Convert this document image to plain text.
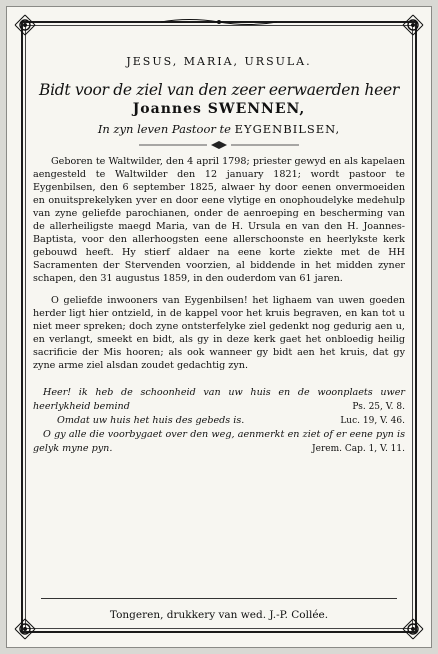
JESUS, MARIA, URSULA.
Bidt voor de ziel van den zeer eerwaerden heer
Joannes SWENNEN,
In zyn leven Pastoor te EYGENBILSEN,

Geboren te Waltwilder, den 4 april 1798; priester gewyd en als kapelaen aengesteld te Waltwilder den 12 january 1821; wordt pastoor te Eygenbilsen, den 6 september 1825, alwaer hy door eenen onvermoeiden en onuitsprekelyken yver en door eene vlytige en onophoudelyke medehulp van zyne geliefde parochianen, onder de aenroeping en bescherming van de allerheiligste maegd Maria, van de H. Ursula en van den H. Joannes-Baptista, voor den allerhoogsten eene allerschoonste en heerlykste kerk gebouwd heeft. Hy stierf aldaer na eene korte ziekte met de HH Sacramenten der Stervenden voorzien, al biddende in het midden zyner schapen, den 31 augustus 1859, in den ouderdom van 61 jaren.

O geliefde inwooners van Eygenbilsen! het lighaem van uwen goeden herder ligt hier ontzield, in de kappel voor het kruis begraven, en kan tot u niet meer spreken; doch zyne ontsterfelyke ziel gedenkt nog gedurig aen u, en verlangt, smeekt en bidt, als gy in deze kerk gaet het onbloedig heilig sacrificie der Mis hooren; als ook wanneer gy bidt aen het kruis, dat gy zyne arme ziel alsdan zoudet gedachtig zyn.

Heer! ik heb de schoonheid van uw huis en de woonplaets uwer heerlykheid bemind	Ps. 25, V. 8.
Omdat uw huis het huis des gebeds is.	Luc. 19, V. 46.
O gy alle die voorbygaet over den weg, aenmerkt en ziet of er eene pyn is gelyk myne pyn.	Jerem. Cap. 1, V. 11.
Tongeren, drukkery van wed. J.-P. Collée.
